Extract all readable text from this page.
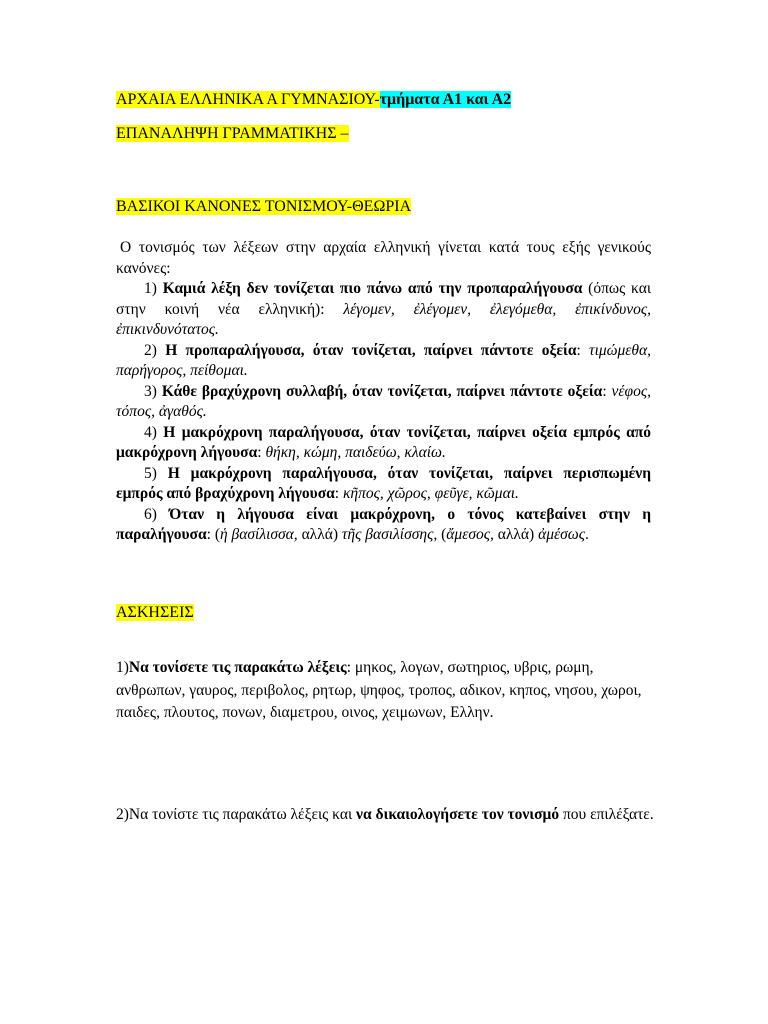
ΑΡΧΑΙΑ ΕΛΛΗΝΙΚΑ Α ΓΥΜΝΑΣΙΟΥ-τμήματα Α1 και Α2
ΕΠΑΝΑΛΗΨΗ ΓΡΑΜΜΑΤΙΚΗΣ –
ΒΑΣΙΚΟΙ ΚΑΝΟΝΕΣ ΤΟΝΙΣΜΟΥ-ΘΕΩΡΙΑ

Ο τονισμός των λέξεων στην αρχαία ελληνική γίνεται κατά τους εξής γενικούς κανόνες:

1) Καμιά λέξη δεν τονίζεται πιο πάνω από την προπαραλήγουσα (όπως και στην κοινή νέα ελληνική): λέγομεν, ἐλέγομεν, ἐλεγόμεθα, ἐπικίνδυνος, ἐπικινδυνότατος.

2) Η προπαραλήγουσα, όταν τονίζεται, παίρνει πάντοτε οξεία: τιμώμεθα, παρήγορος, πείθομαι.

3) Κάθε βραχύχρονη συλλαβή, όταν τονίζεται, παίρνει πάντοτε οξεία: νέφος, τόπος, ἀγαθός.

4) Η μακρόχρονη παραλήγουσα, όταν τονίζεται, παίρνει οξεία εμπρός από μακρόχρονη λήγουσα: θήκη, κώμη, παιδεύω, κλαίω.

5) Η μακρόχρονη παραλήγουσα, όταν τονίζεται, παίρνει περισπωμένη εμπρός από βραχύχρονη λήγουσα: κῆπος, χῶρος, φεῦγε, κῶμαι.

6) Όταν η λήγουσα είναι μακρόχρονη, ο τόνος κατεβαίνει στην η παραλήγουσα: (ἡ βασίλισσα, αλλά) τῆς βασιλίσσης, (ἄμεσος, αλλά) ἀμέσως.

ΑΣΚΗΣΕΙΣ

1)Να τονίσετε τις παρακάτω λέξεις: μηκος, λογων, σωτηριος, υβρις, ρωμη, ανθρωπων, γαυρος, περιβολος, ρητωρ, ψηφος, τροπος, αδικον, κηπος, νησου, χωροι, παιδες, πλουτος, πονων, διαμετρου, οινος, χειμωνων, Ελλην.

2)Να τονίστε τις παρακάτω λέξεις και να δικαιολογήσετε τον τονισμό που επιλέξατε.
